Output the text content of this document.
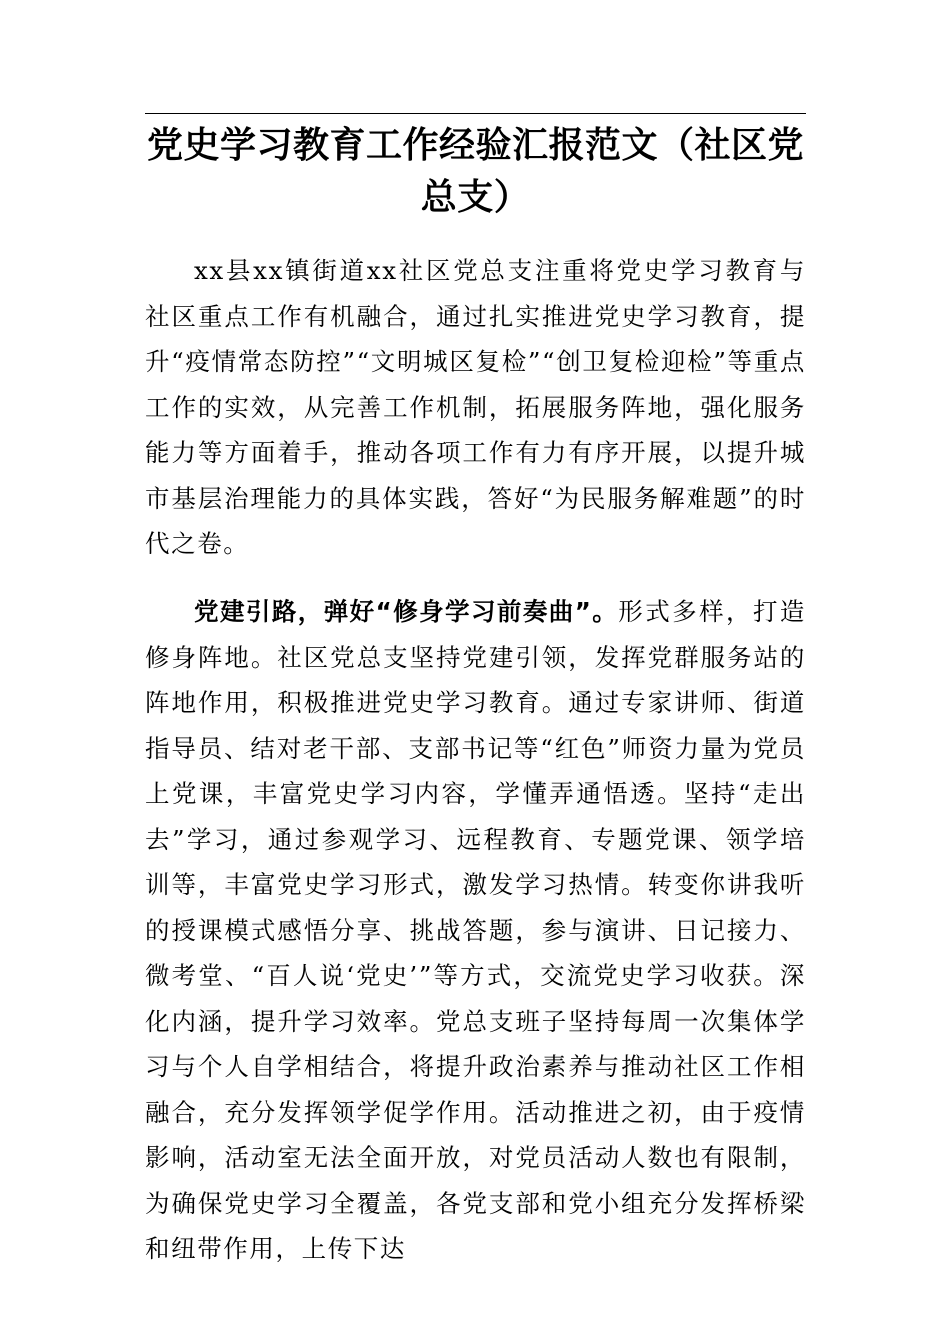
党史学习教育工作经验汇报范文（社区党总支）

xx县xx镇街道xx社区党总支注重将党史学习教育与社区重点工作有机融合，通过扎实推进党史学习教育，提升“疫情常态防控”“文明城区复检”“创卫复检迎检”等重点工作的实效，从完善工作机制，拓展服务阵地，强化服务能力等方面着手，推动各项工作有力有序开展，以提升城市基层治理能力的具体实践，答好“为民服务解难题”的时代之卷。

党建引路，弹好“修身学习前奏曲”。形式多样，打造修身阵地。社区党总支坚持党建引领，发挥党群服务站的阵地作用，积极推进党史学习教育。通过专家讲师、街道指导员、结对老干部、支部书记等“红色”师资力量为党员上党课，丰富党史学习内容，学懂弄通悟透。坚持“走出去”学习，通过参观学习、远程教育、专题党课、领学培训等，丰富党史学习形式，激发学习热情。转变你讲我听的授课模式感悟分享、挑战答题，参与演讲、日记接力、微考堂、“百人说‘党史’”等方式，交流党史学习收获。深化内涵，提升学习效率。党总支班子坚持每周一次集体学习与个人自学相结合，将提升政治素养与推动社区工作相融合，充分发挥领学促学作用。活动推进之初，由于疫情影响，活动室无法全面开放，对党员活动人数也有限制，为确保党史学习全覆盖，各党支部和党小组充分发挥桥梁和纽带作用，上传下达
